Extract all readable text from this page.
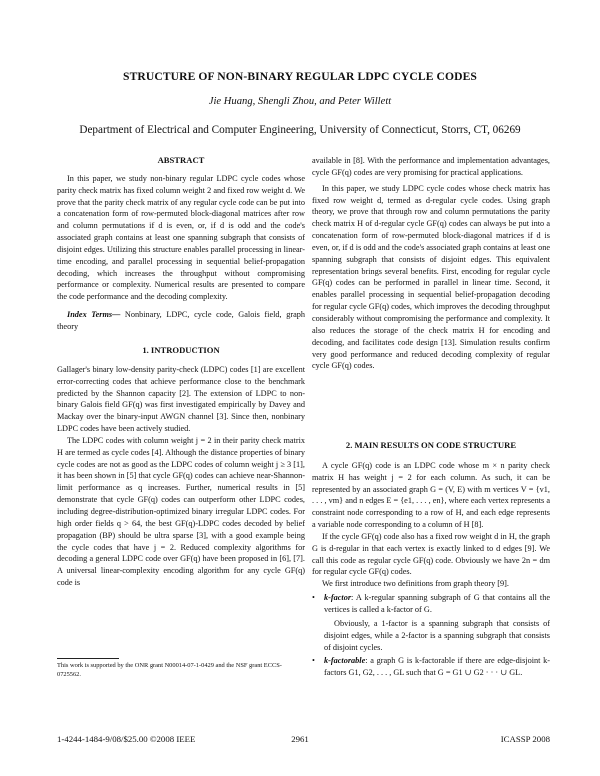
STRUCTURE OF NON-BINARY REGULAR LDPC CYCLE CODES
Jie Huang, Shengli Zhou, and Peter Willett
Department of Electrical and Computer Engineering, University of Connecticut, Storrs, CT, 06269
ABSTRACT

In this paper, we study non-binary regular LDPC cycle codes whose parity check matrix has fixed column weight 2 and fixed row weight d. We prove that the parity check matrix of any regular cycle code can be put into a concatenation form of row-permuted block-diagonal matrices after row and column permutations if d is even, or, if d is odd and the code's associated graph contains at least one spanning subgraph that consists of disjoint edges. Utilizing this structure enables parallel processing in linear-time encoding, and parallel processing in sequential belief-propagation decoding, which increases the throughput without compromising performance or complexity. Numerical results are presented to compare the code performance and the decoding complexity.

Index Terms— Nonbinary, LDPC, cycle code, Galois field, graph theory

1. INTRODUCTION

Gallager's binary low-density parity-check (LDPC) codes [1] are excellent error-correcting codes that achieve performance close to the benchmark predicted by the Shannon capacity [2]. The extension of LDPC to non-binary Galois field GF(q) was first investigated empirically by Davey and Mackay over the binary-input AWGN channel [3]. Since then, nonbinary LDPC codes have been actively studied.

The LDPC codes with column weight j = 2 in their parity check matrix H are termed as cycle codes [4]. Although the distance properties of binary cycle codes are not as good as the LDPC codes of column weight j ≥ 3 [1], it has been shown in [5] that cycle GF(q) codes can achieve near-Shannon-limit performance as q increases. Further, numerical results in [5] demonstrate that cycle GF(q) codes can outperform other LDPC codes, including degree-distribution-optimized binary irregular LDPC codes. For high order fields q > 64, the best GF(q)-LDPC codes decoded by belief propagation (BP) should be ultra sparse [3], with a good example being the cycle codes that have j = 2. Reduced complexity algorithms for decoding a general LDPC code over GF(q) have been proposed in [6], [7]. A universal linear-complexity encoding algorithm for any cycle GF(q) code is

This work is supported by the ONR grant N00014-07-1-0429 and the NSF grant ECCS-0725562.

available in [8]. With the performance and implementation advantages, cycle GF(q) codes are very promising for practical applications.

In this paper, we study LDPC cycle codes whose check matrix has fixed row weight d, termed as d-regular cycle codes. Using graph theory, we prove that through row and column permutations the parity check matrix H of d-regular cycle GF(q) codes can always be put into a concatenation form of row-permuted block-diagonal matrices if d is even, or, if d is odd and the code's associated graph contains at least one spanning subgraph that consists of disjoint edges. This equivalent representation brings several benefits. First, encoding for regular cycle GF(q) codes can be performed in parallel in linear time. Second, it enables parallel processing in sequential belief-propagation decoding for regular cycle GF(q) codes, which improves the decoding throughput considerably without compromising the performance and complexity. It also reduces the storage of the check matrix H for encoding and decoding, and facilitates code design [13]. Simulation results confirm very good performance and reduced decoding complexity of regular cycle GF(q) codes.

2. MAIN RESULTS ON CODE STRUCTURE

A cycle GF(q) code is an LDPC code whose m × n parity check matrix H has weight j = 2 for each column. As such, it can be represented by an associated graph G = (V, E) with m vertices V = {v1, . . . , vm} and n edges E = {e1, . . . , en}, where each vertex represents a constraint node corresponding to a row of H, and each edge represents a variable node corresponding to a column of H [8].

If the cycle GF(q) code also has a fixed row weight d in H, the graph G is d-regular in that each vertex is exactly linked to d edges [9]. We call this code as regular cycle GF(q) code. Obviously we have 2n = dm for regular cycle GF(q) codes.

We first introduce two definitions from graph theory [9].

• k-factor: A k-regular spanning subgraph of G that contains all the vertices is called a k-factor of G.

Obviously, a 1-factor is a spanning subgraph that consists of disjoint edges, while a 2-factor is a spanning subgraph that consists of disjoint cycles.

• k-factorable: a graph G is k-factorable if there are edge-disjoint k-factors G1, G2, . . . , GL such that G = G1 ∪ G2 · · · ∪ GL.
1-4244-1484-9/08/$25.00 ©2008 IEEE	2961	ICASSP 2008
